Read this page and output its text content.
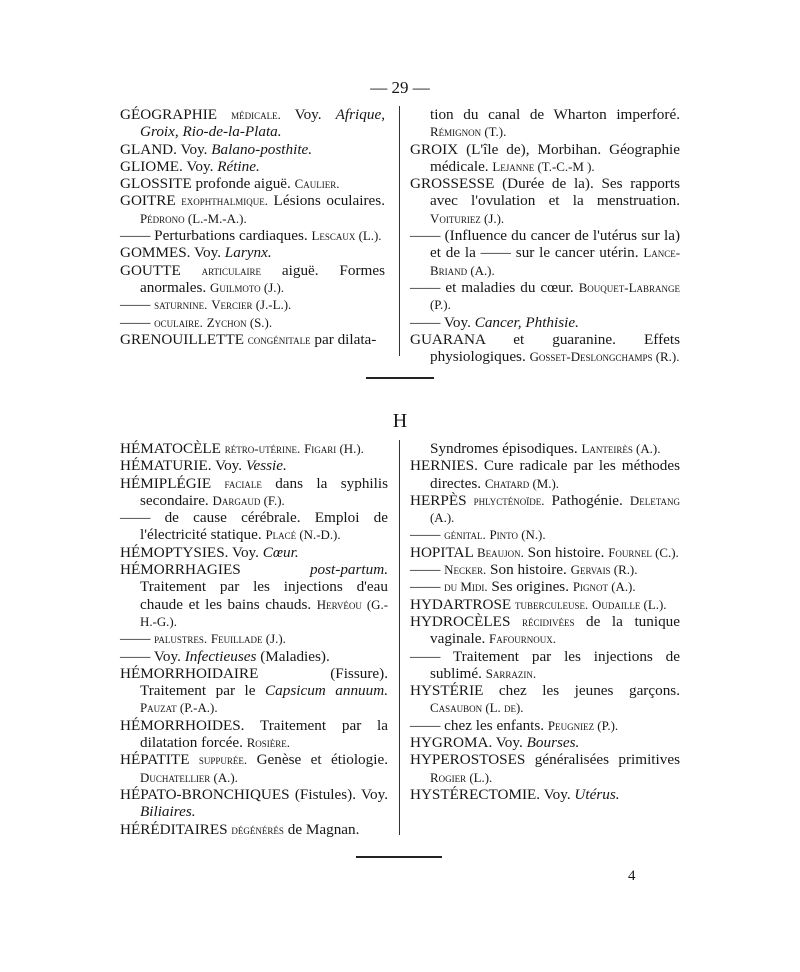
— 29 —

GÉOGRAPHIE médicale. Voy. Afrique, Groix, Rio-de-la-Plata.

GLAND. Voy. Balano-posthite.

GLIOME. Voy. Rétine.

GLOSSITE profonde aiguë. Caulier.

GOITRE exophthalmique. Lésions oculaires. Pédrono (L.-M.-A.).

—— Perturbations cardiaques. Lescaux (L.).

GOMMES. Voy. Larynx.

GOUTTE articulaire aiguë. Formes anormales. Guilmoto (J.).

—— saturnine. Vercier (J.-L.).

—— oculaire. Zychon (S.).

GRENOUILLETTE congénitale par dilata-

tion du canal de Wharton imperforé. Rémignon (T.).

GROIX (L'île de), Morbihan. Géographie médicale. Lejanne (T.-C.-M ).

GROSSESSE (Durée de la). Ses rapports avec l'ovulation et la menstruation. Voituriez (J.).

—— (Influence du cancer de l'utérus sur la) et de la —— sur le cancer utérin. Lance-Briand (A.).

—— et maladies du cœur. Bouquet-Labrange (P.).

—— Voy. Cancer, Phthisie.

GUARANA et guaranine. Effets physiologiques. Gosset-Deslongchamps (R.).

H

HÉMATOCÈLE rétro-utérine. Figari (H.).

HÉMATURIE. Voy. Vessie.

HÉMIPLÉGIE faciale dans la syphilis secondaire. Dargaud (F.).

—— de cause cérébrale. Emploi de l'électricité statique. Placé (N.-D.).

HÉMOPTYSIES. Voy. Cœur.

HÉMORRHAGIES post-partum. Traitement par les injections d'eau chaude et les bains chauds. Hervéou (G.-H.-G.).

—— palustres. Feuillade (J.).

—— Voy. Infectieuses (Maladies).

HÉMORRHOIDAIRE (Fissure). Traitement par le Capsicum annuum. Pauzat (P.-A.).

HÉMORRHOIDES. Traitement par la dilatation forcée. Rosière.

HÉPATITE suppurée. Genèse et étiologie. Duchatellier (A.).

HÉPATO-BRONCHIQUES (Fistules). Voy. Biliaires.

HÉRÉDITAIRES dégénérés de Magnan.

Syndromes épisodiques. Lanteirès (A.).

HERNIES. Cure radicale par les méthodes directes. Chatard (M.).

HERPÈS phlycténoïde. Pathogénie. Deletang (A.).

—— génital. Pinto (N.).

HOPITAL Beaujon. Son histoire. Fournel (C.).

—— Necker. Son histoire. Gervais (R.).

—— du Midi. Ses origines. Pignot (A.).

HYDARTROSE tuberculeuse. Oudaille (L.).

HYDROCÈLES récidivées de la tunique vaginale. Fafournoux.

—— Traitement par les injections de sublimé. Sarrazin.

HYSTÉRIE chez les jeunes garçons. Casaubon (L. de).

—— chez les enfants. Peugniez (P.).

HYGROMA. Voy. Bourses.

HYPEROSTOSES généralisées primitives Rogier (L.).

HYSTÉRECTOMIE. Voy. Utérus.

4
